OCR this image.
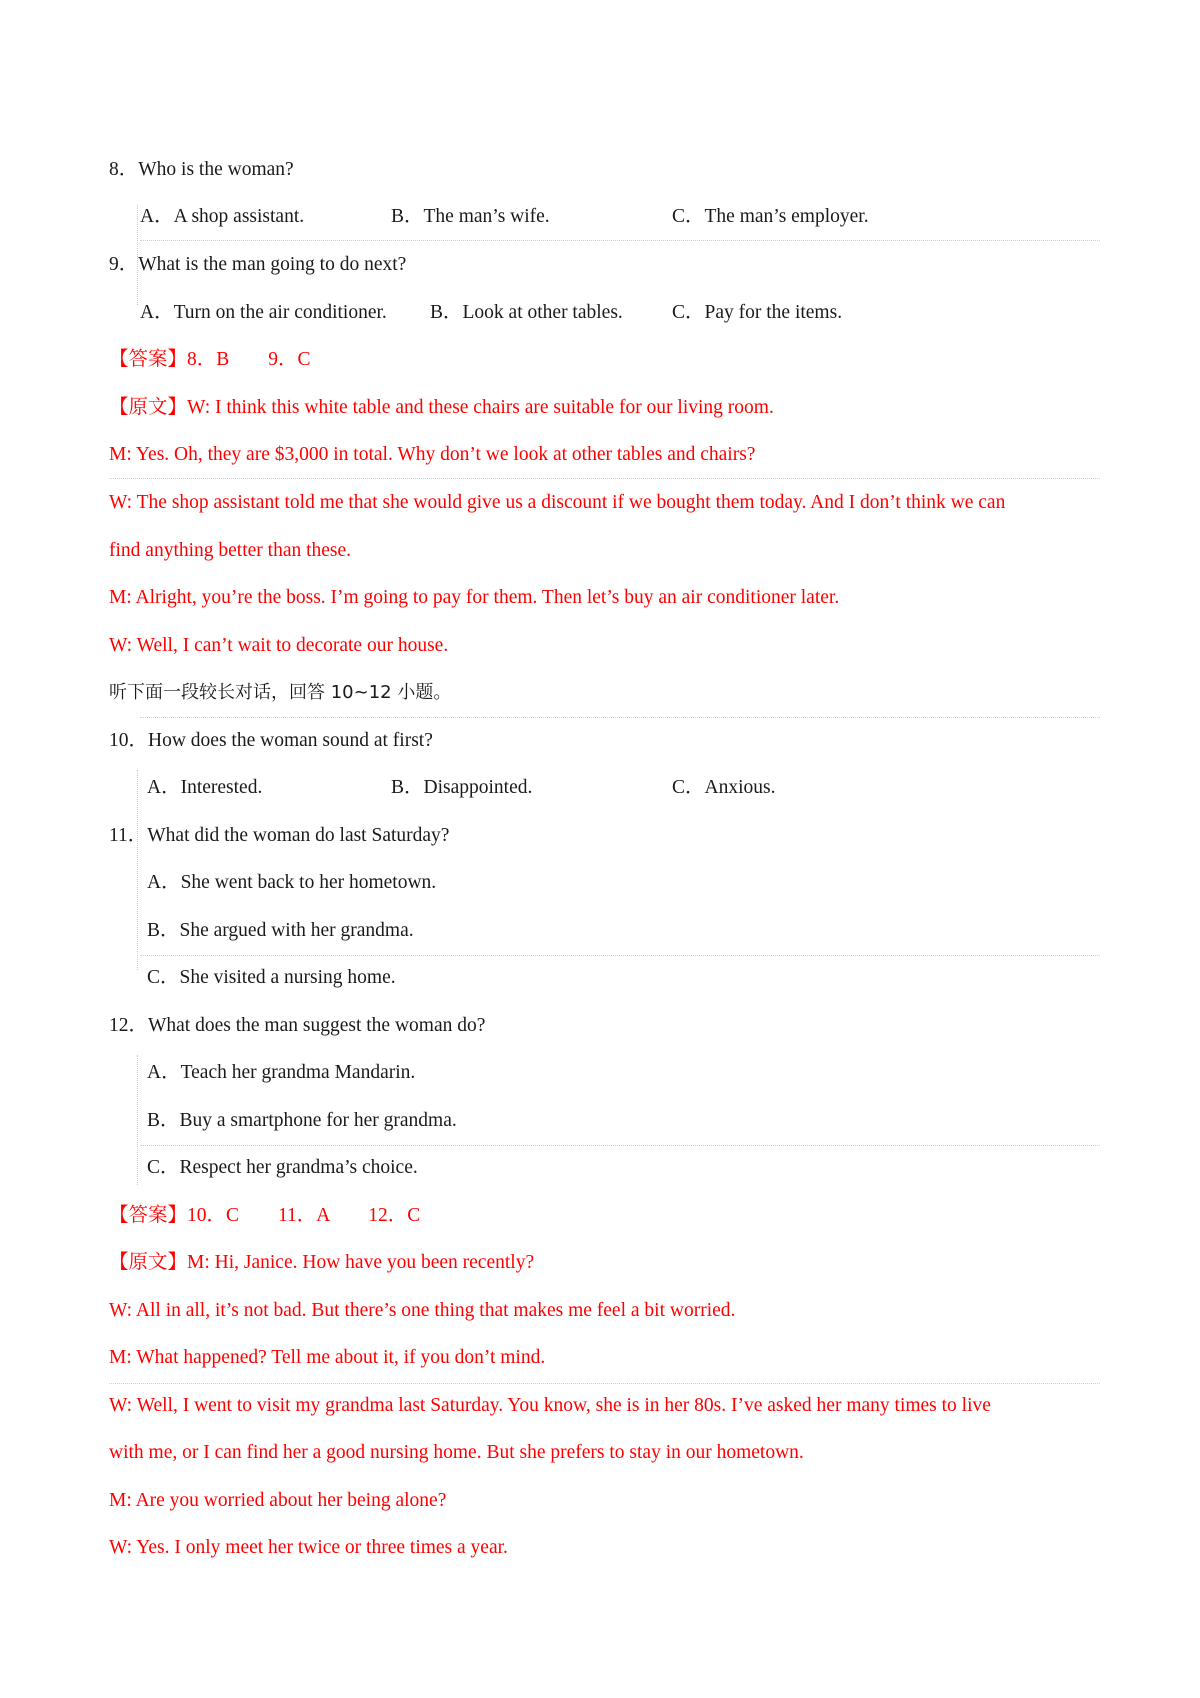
8．Who is the woman?
A．A shop assistant.	B．The man’s wife.	C．The man’s employer.
9．What is the man going to do next?
A．Turn on the air conditioner. B．Look at other tables.	C．Pay for the items.
【答案】8．B　　9．C
【原文】W: I think this white table and these chairs are suitable for our living room.
M: Yes. Oh, they are $3,000 in total. Why don’t we look at other tables and chairs?
W: The shop assistant told me that she would give us a discount if we bought them today. And I don’t think we can
find anything better than these.
M: Alright, you’re the boss. I’m going to pay for them. Then let’s buy an air conditioner later.
W: Well, I can’t wait to decorate our house.
听下面一段较长对话，回答 10~12 小题。
10．How does the woman sound at first?
A．Interested.	B．Disappointed.	C．Anxious.
11．What did the woman do last Saturday?
A．She went back to her hometown.
B．She argued with her grandma.
C．She visited a nursing home.
12．What does the man suggest the woman do?
A．Teach her grandma Mandarin.
B．Buy a smartphone for her grandma.
C．Respect her grandma’s choice.
【答案】10．C　　11．A　　12．C
【原文】M: Hi, Janice. How have you been recently?
W: All in all, it’s not bad. But there’s one thing that makes me feel a bit worried.
M: What happened? Tell me about it, if you don’t mind.
W: Well, I went to visit my grandma last Saturday. You know, she is in her 80s. I’ve asked her many times to live
with me, or I can find her a good nursing home. But she prefers to stay in our hometown.
M: Are you worried about her being alone?
W: Yes. I only meet her twice or three times a year.
